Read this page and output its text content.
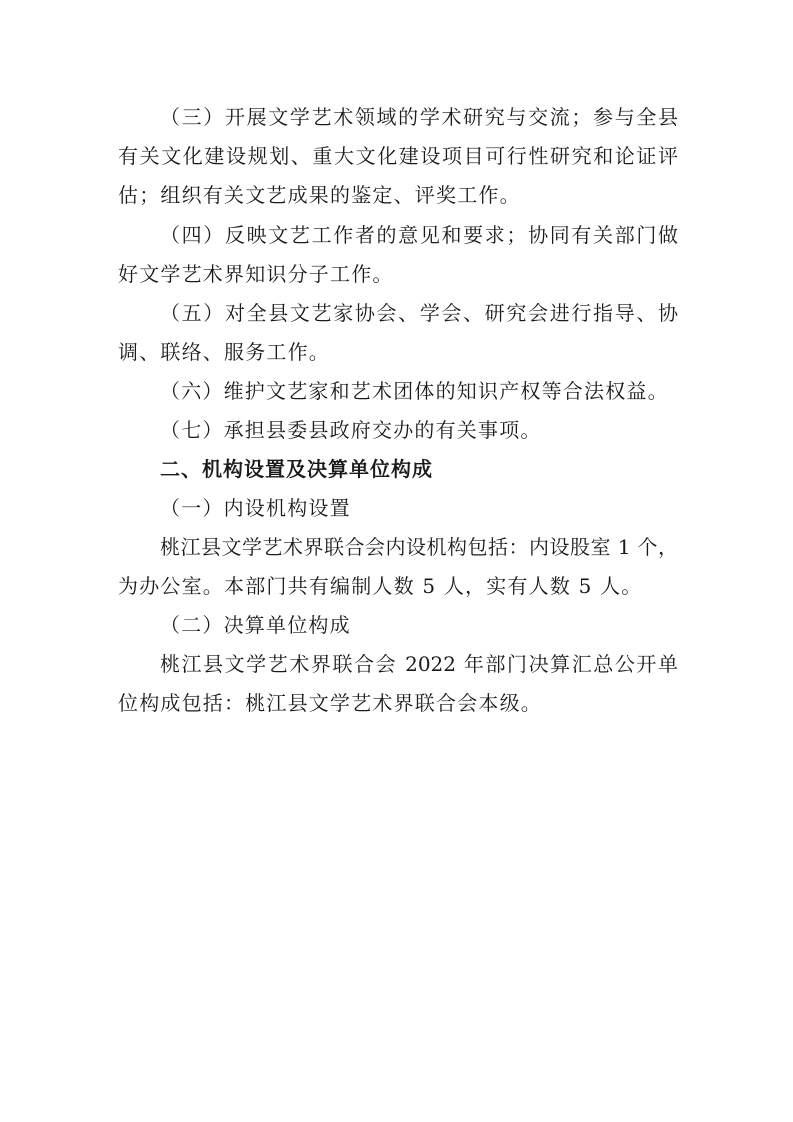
（三）开展文学艺术领域的学术研究与交流；参与全县
有关文化建设规划、重大文化建设项目可行性研究和论证评
估；组织有关文艺成果的鉴定、评奖工作。
（四）反映文艺工作者的意见和要求；协同有关部门做
好文学艺术界知识分子工作。
（五）对全县文艺家协会、学会、研究会进行指导、协
调、联络、服务工作。
（六）维护文艺家和艺术团体的知识产权等合法权益。
（七）承担县委县政府交办的有关事项。
二、机构设置及决算单位构成
（一）内设机构设置
桃江县文学艺术界联合会内设机构包括：内设股室 1 个，
为办公室。本部门共有编制人数 5 人，实有人数 5 人。
（二）决算单位构成
桃江县文学艺术界联合会 2022 年部门决算汇总公开单
位构成包括：桃江县文学艺术界联合会本级。
